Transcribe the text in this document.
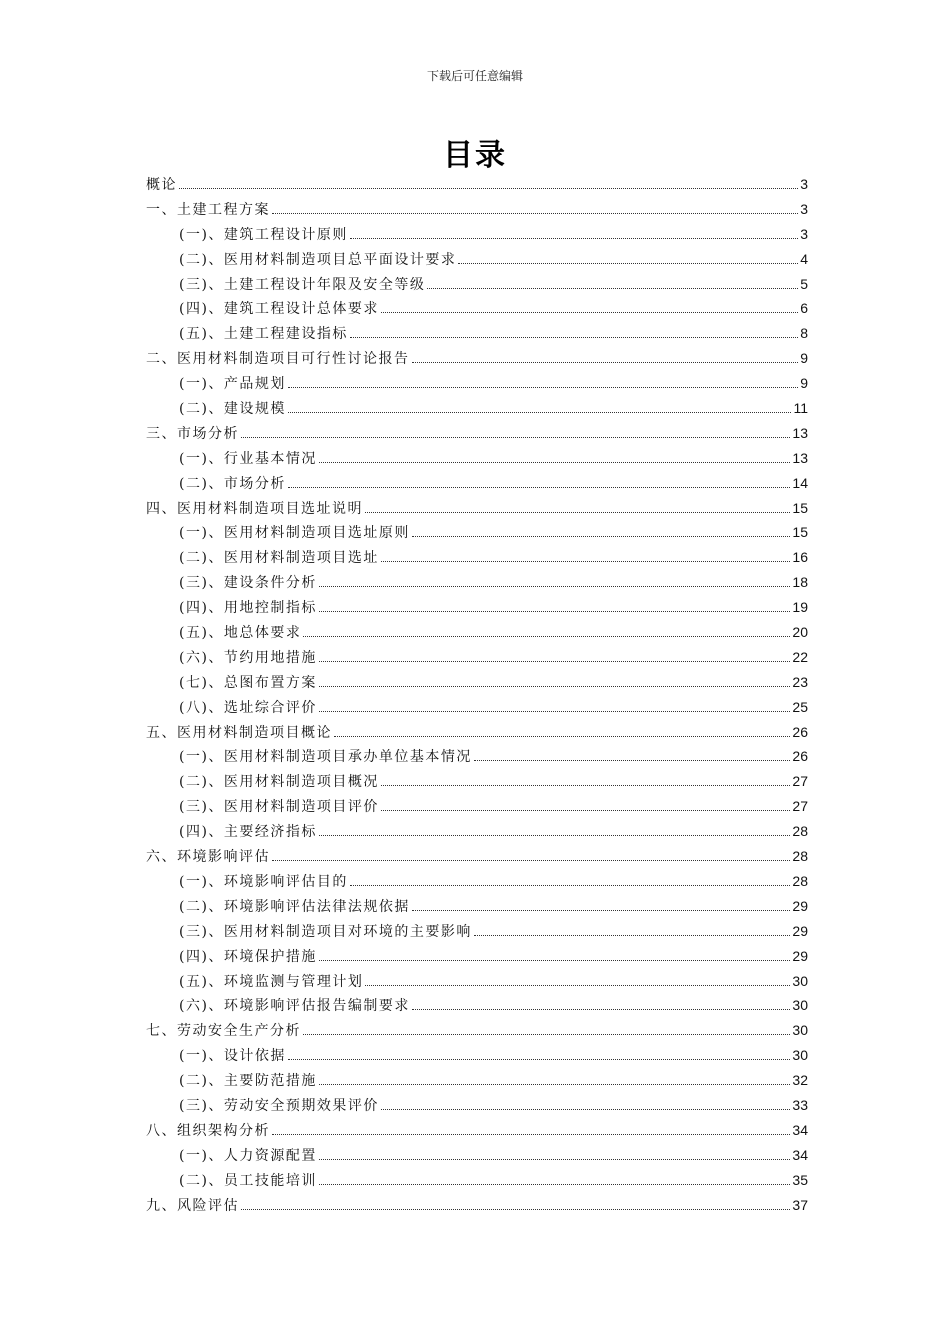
下载后可任意编辑
目录
概论	3
一、土建工程方案	3
(一)、建筑工程设计原则	3
(二)、医用材料制造项目总平面设计要求	4
(三)、土建工程设计年限及安全等级	5
(四)、建筑工程设计总体要求	6
(五)、土建工程建设指标	8
二、医用材料制造项目可行性讨论报告	9
(一)、产品规划	9
(二)、建设规模	11
三、市场分析	13
(一)、行业基本情况	13
(二)、市场分析	14
四、医用材料制造项目选址说明	15
(一)、医用材料制造项目选址原则	15
(二)、医用材料制造项目选址	16
(三)、建设条件分析	18
(四)、用地控制指标	19
(五)、地总体要求	20
(六)、节约用地措施	22
(七)、总图布置方案	23
(八)、选址综合评价	25
五、医用材料制造项目概论	26
(一)、医用材料制造项目承办单位基本情况	26
(二)、医用材料制造项目概况	27
(三)、医用材料制造项目评价	27
(四)、主要经济指标	28
六、环境影响评估	28
(一)、环境影响评估目的	28
(二)、环境影响评估法律法规依据	29
(三)、医用材料制造项目对环境的主要影响	29
(四)、环境保护措施	29
(五)、环境监测与管理计划	30
(六)、环境影响评估报告编制要求	30
七、劳动安全生产分析	30
(一)、设计依据	30
(二)、主要防范措施	32
(三)、劳动安全预期效果评价	33
八、组织架构分析	34
(一)、人力资源配置	34
(二)、员工技能培训	35
九、风险评估	37
